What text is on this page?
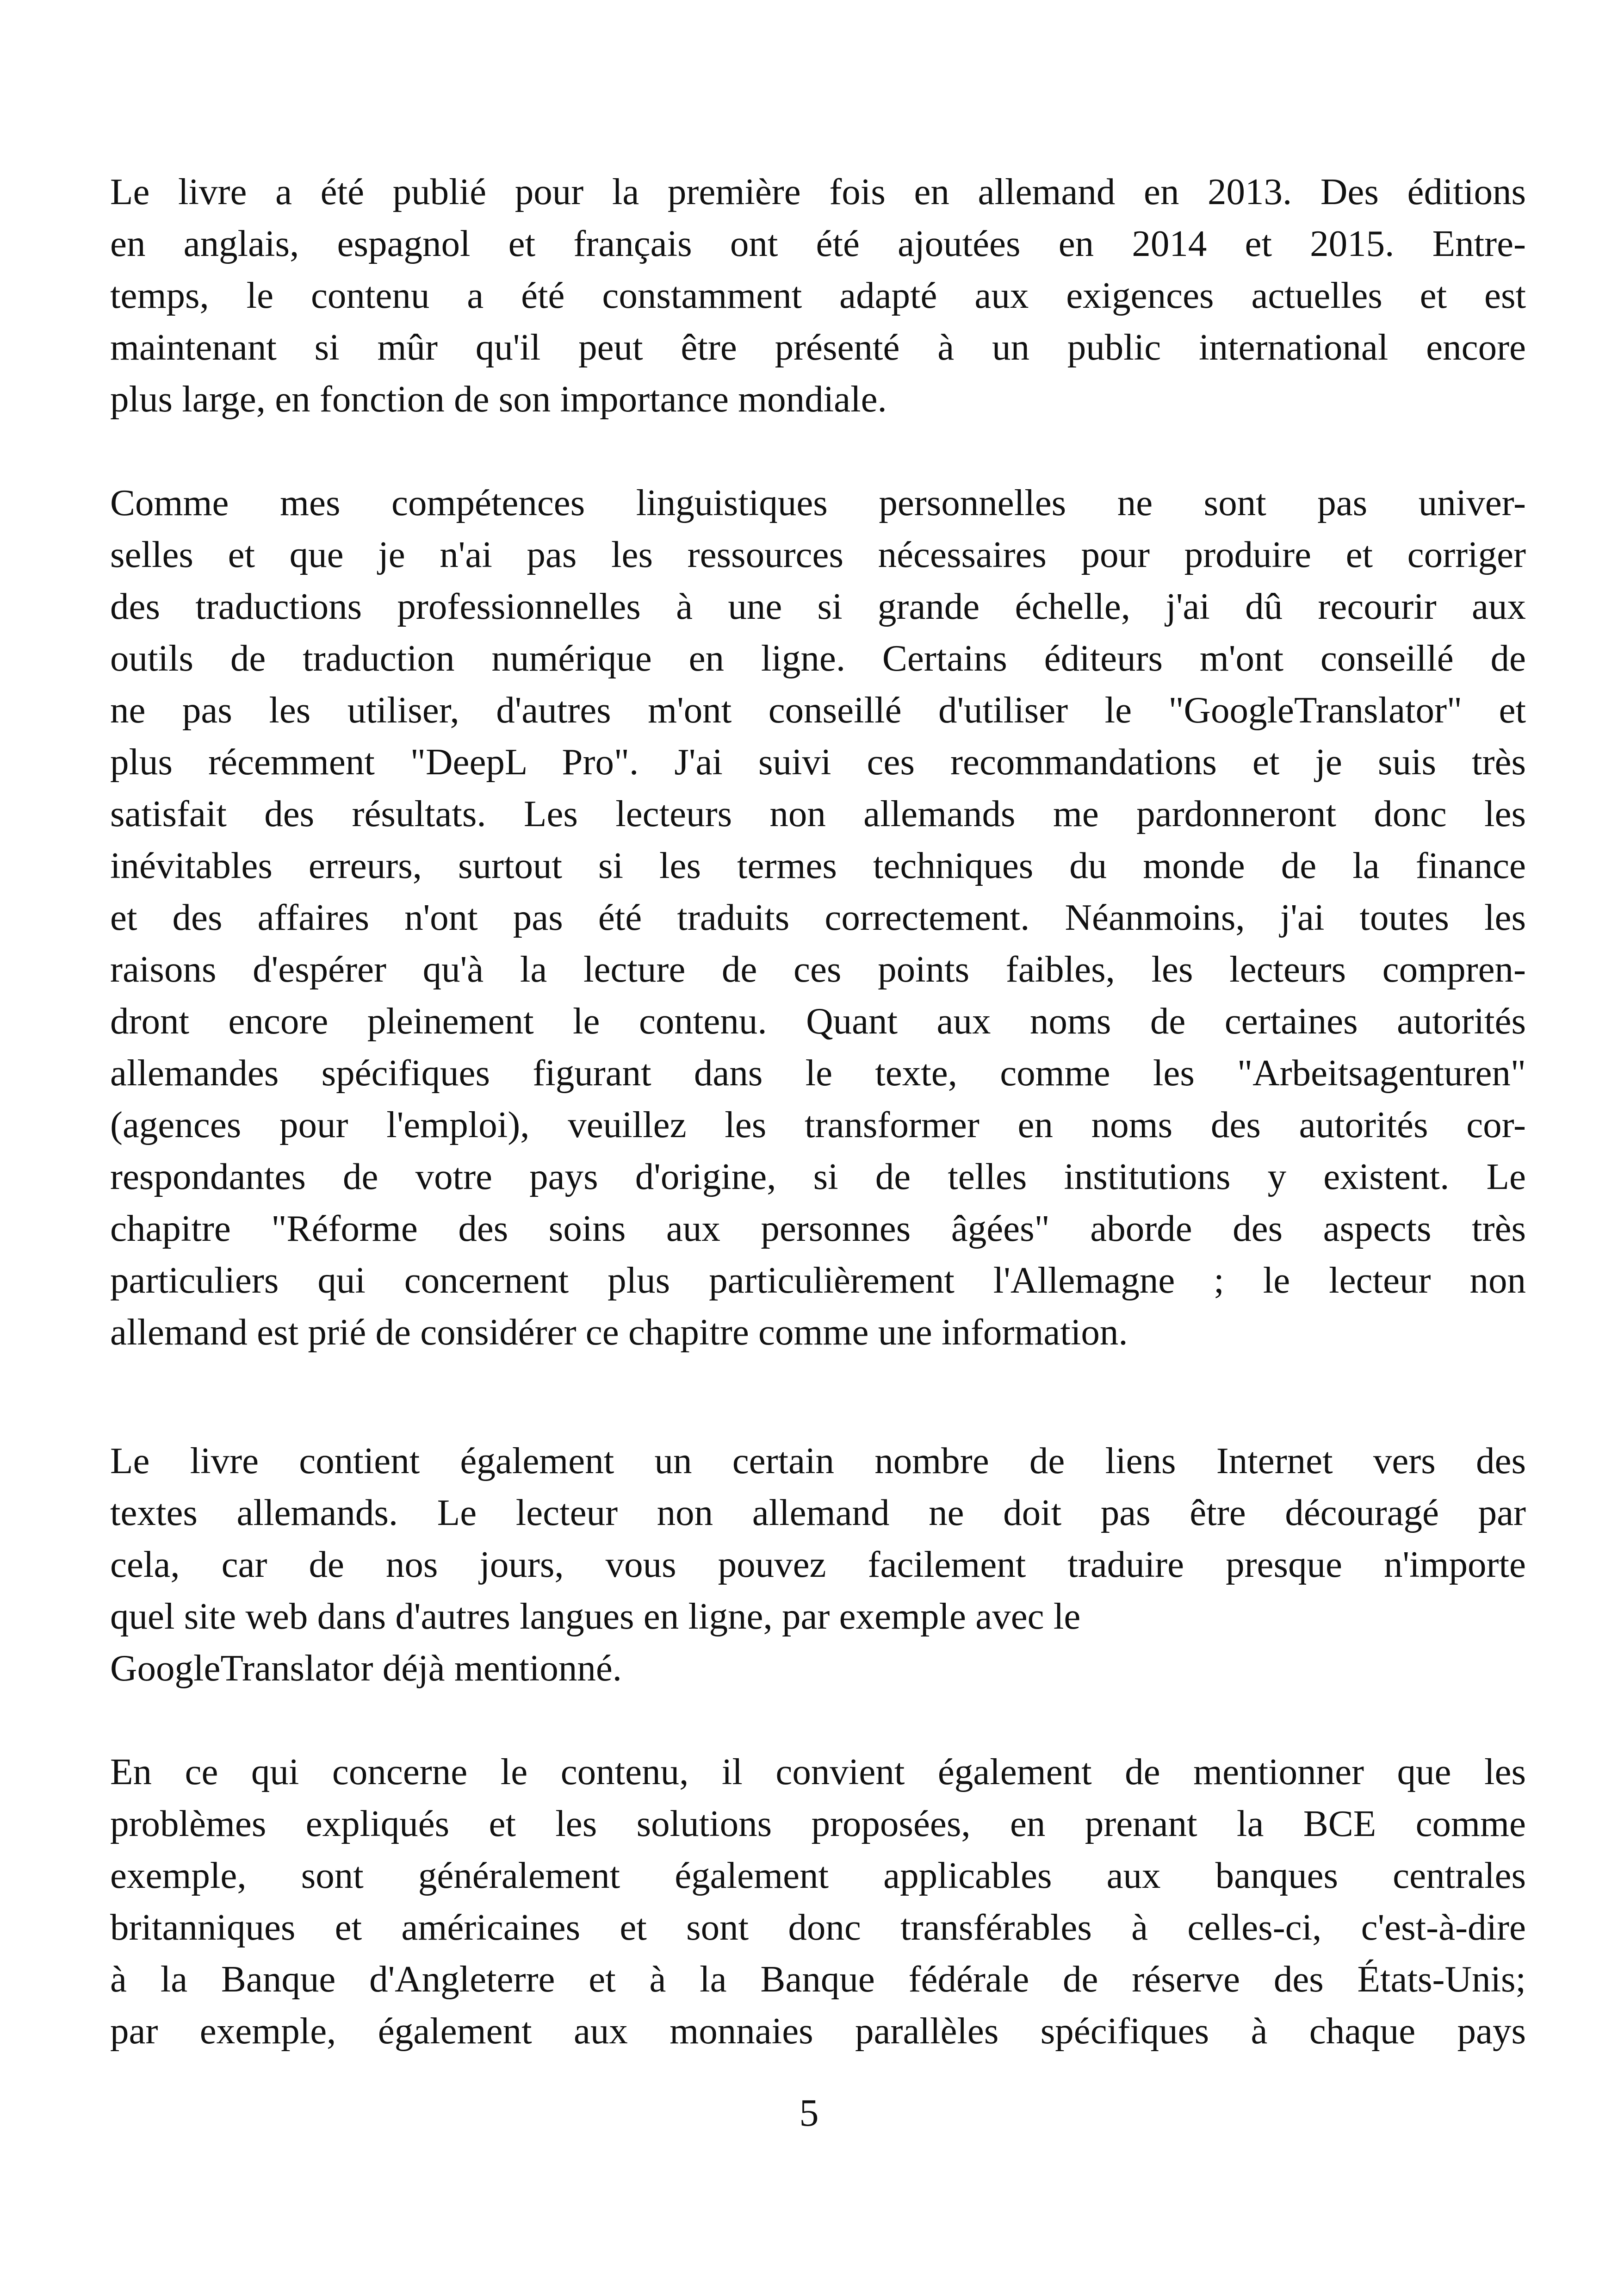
Le livre a été publié pour la première fois en allemand en 2013. Des éditions
en anglais, espagnol et français ont été ajoutées en 2014 et 2015. Entre-
temps, le contenu a été constamment adapté aux exigences actuelles et est
maintenant si mûr qu'il peut être présenté à un public international encore
plus large, en fonction de son importance mondiale.
Comme mes compétences linguistiques personnelles ne sont pas univer-
selles et que je n'ai pas les ressources nécessaires pour produire et corriger
des traductions professionnelles à une si grande échelle, j'ai dû recourir aux
outils de traduction numérique en ligne. Certains éditeurs m'ont conseillé de
ne pas les utiliser, d'autres m'ont conseillé d'utiliser le "GoogleTranslator" et
plus récemment "DeepL Pro". J'ai suivi ces recommandations et je suis très
satisfait des résultats. Les lecteurs non allemands me pardonneront donc les
inévitables erreurs, surtout si les termes techniques du monde de la finance
et des affaires n'ont pas été traduits correctement. Néanmoins, j'ai toutes les
raisons d'espérer qu'à la lecture de ces points faibles, les lecteurs compren-
dront encore pleinement le contenu. Quant aux noms de certaines autorités
allemandes spécifiques figurant dans le texte, comme les "Arbeitsagenturen"
(agences pour l'emploi), veuillez les transformer en noms des autorités cor-
respondantes de votre pays d'origine, si de telles institutions y existent. Le
chapitre "Réforme des soins aux personnes âgées" aborde des aspects très
particuliers qui concernent plus particulièrement l'Allemagne ; le lecteur non
allemand est prié de considérer ce chapitre comme une information.
Le livre contient également un certain nombre de liens Internet vers des
textes allemands. Le lecteur non allemand ne doit pas être découragé par
cela, car de nos jours, vous pouvez facilement traduire presque n'importe
quel site web dans d'autres langues en ligne, par exemple avec le
GoogleTranslator déjà mentionné.
En ce qui concerne le contenu, il convient également de mentionner que les
problèmes expliqués et les solutions proposées, en prenant la BCE comme
exemple, sont généralement également applicables aux banques centrales
britanniques et américaines et sont donc transférables à celles-ci, c'est-à-dire
à la Banque d'Angleterre et à la Banque fédérale de réserve des États-Unis;
par exemple, également aux monnaies parallèles spécifiques à chaque pays
5
